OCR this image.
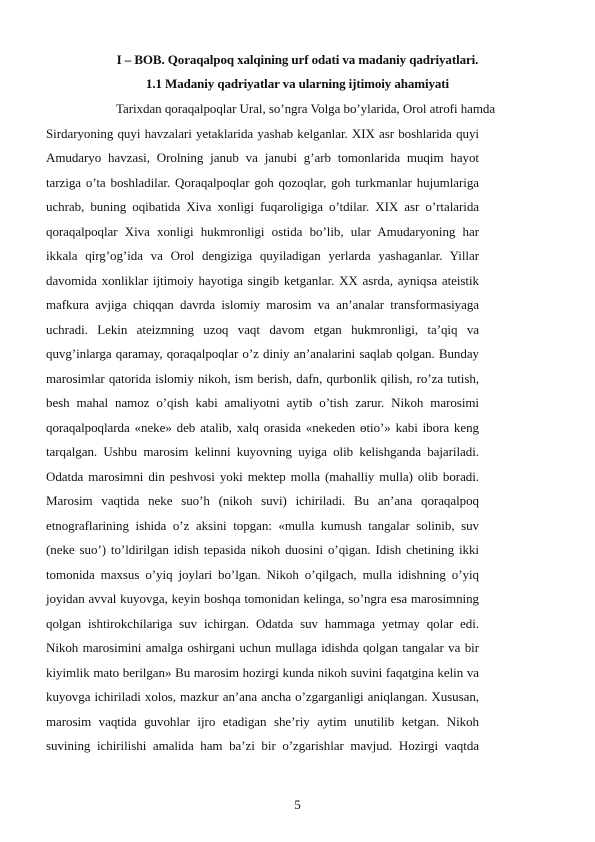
I – BOB. Qoraqalpoq xalqining urf odati va madaniy qadriyatlari.
1.1 Madaniy qadriyatlar va ularning ijtimoiy ahamiyati
Tarixdan qoraqalpoqlar Ural, so’ngra Volga bo’ylarida, Orol atrofi hamda
Sirdaryoning quyi havzalari yetaklarida yashab kelganlar. XIX asr boshlarida quyi
Amudaryo havzasi, Orolning janub va janubi g’arb tomonlarida muqim hayot
tarziga o’ta boshladilar. Qoraqalpoqlar goh qozoqlar, goh turkmanlar hujumlariga
uchrab, buning oqibatida Xiva xonligi fuqaroligiga o’tdilar. XIX asr o’rtalarida
qoraqalpoqlar Xiva xonligi hukmronligi ostida bo’lib, ular Amudaryoning har
ikkala qirg’og’ida va Orol dengiziga quyiladigan yerlarda yashaganlar. Yillar
davomida xonliklar ijtimoiy hayotiga singib ketganlar. XX asrda, ayniqsa ateistik
mafkura avjiga chiqqan davrda islomiy marosim va an’analar transformasiyaga
uchradi. Lekin ateizmning uzoq vaqt davom etgan hukmronligi, ta’qiq va
quvg’inlarga qaramay, qoraqalpoqlar o’z diniy an’analarini saqlab qolgan. Bunday
marosimlar qatorida islomiy nikoh, ism berish, dafn, qurbonlik qilish, ro’za tutish,
besh mahal namoz o’qish kabi amaliyotni aytib o’tish zarur. Nikoh marosimi
qoraqalpoqlarda «neke» deb atalib, xalq orasida «nekeden ɵtio’» kabi ibora keng
tarqalgan. Ushbu marosim kelinni kuyovning uyiga olib kelishganda bajariladi.
Odatda marosimni din peshvosi yoki mektep molla (mahalliy mulla) olib boradi.
Marosim vaqtida neke suo’h (nikoh suvi) ichiriladi. Bu an’ana qoraqalpoq
etnograflarining ishida o’z aksini topgan: «mulla kumush tangalar solinib, suv
(neke suo’) to’ldirilgan idish tepasida nikoh duosini o’qigan. Idish chetining ikki
tomonida maxsus o’yiq joylari bo’lgan. Nikoh o’qilgach, mulla idishning o’yiq
joyidan avval kuyovga, keyin boshqa tomonidan kelinga, so’ngra esa marosimning
qolgan ishtirokchilariga suv ichirgan. Odatda suv hammaga yetmay qolar edi.
Nikoh marosimini amalga oshirgani uchun mullaga idishda qolgan tangalar va bir
kiyimlik mato berilgan» Bu marosim hozirgi kunda nikoh suvini faqatgina kelin va
kuyovga ichiriladi xolos, mazkur an’ana ancha o’zgarganligi aniqlangan. Xususan,
marosim vaqtida guvohlar ijro etadigan she’riy aytim unutilib ketgan. Nikoh
suvining ichirilishi amalida ham ba’zi bir o’zgarishlar mavjud. Hozirgi vaqtda
5
